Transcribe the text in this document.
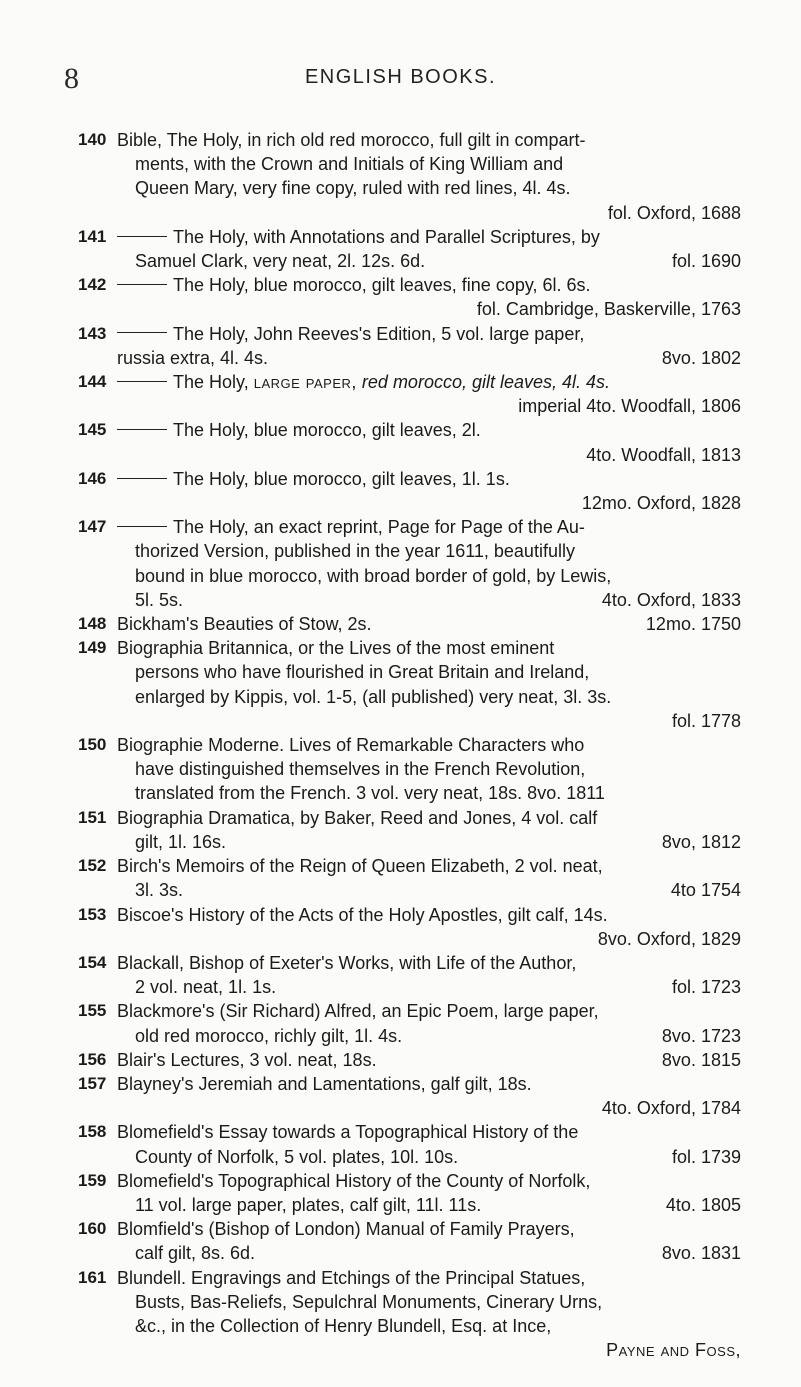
8	ENGLISH BOOKS.
140 Bible, The Holy, in rich old red morocco, full gilt in compart-
ments, with the Crown and Initials of King William and
Queen Mary, very fine copy, ruled with red lines, 4l. 4s.
fol. Oxford, 1688
141	The Holy, with Annotations and Parallel Scriptures, by
Samuel Clark, very neat, 2l. 12s. 6d.	fol. 1690
142	The Holy, blue morocco, gilt leaves, fine copy, 6l. 6s.
fol. Cambridge, Baskerville, 1763
143	The Holy, John Reeves's Edition, 5 vol. large paper,
russia extra, 4l. 4s.	8vo. 1802
144	The Holy, large paper, red morocco, gilt leaves, 4l. 4s.
imperial 4to. Woodfall, 1806
145	The Holy, blue morocco, gilt leaves, 2l.
4to. Woodfall, 1813
146	The Holy, blue morocco, gilt leaves, 1l. 1s.
12mo. Oxford, 1828
147	The Holy, an exact reprint, Page for Page of the Au-
thorized Version, published in the year 1611, beautifully
bound in blue morocco, with broad border of gold, by Lewis,
5l. 5s.	4to. Oxford, 1833
148 Bickham's Beauties of Stow, 2s.	12mo. 1750
149 Biographia Britannica, or the Lives of the most eminent
persons who have flourished in Great Britain and Ireland,
enlarged by Kippis, vol. 1-5, (all published) very neat, 3l. 3s.
fol. 1778
150 Biographie Moderne. Lives of Remarkable Characters who
have distinguished themselves in the French Revolution,
translated from the French. 3 vol. very neat, 18s. 8vo. 1811
151 Biographia Dramatica, by Baker, Reed and Jones, 4 vol. calf
gilt, 1l. 16s.	8vo, 1812
152 Birch's Memoirs of the Reign of Queen Elizabeth, 2 vol. neat,
3l. 3s.	4to 1754
153 Biscoe's History of the Acts of the Holy Apostles, gilt calf, 14s.
8vo. Oxford, 1829
154 Blackall, Bishop of Exeter's Works, with Life of the Author,
2 vol. neat, 1l. 1s.	fol. 1723
155 Blackmore's (Sir Richard) Alfred, an Epic Poem, large paper,
old red morocco, richly gilt, 1l. 4s.	8vo. 1723
156 Blair's Lectures, 3 vol. neat, 18s.	8vo. 1815
157 Blayney's Jeremiah and Lamentations, galf gilt, 18s.
4to. Oxford, 1784
158 Blomefield's Essay towards a Topographical History of the
County of Norfolk, 5 vol. plates, 10l. 10s.	fol. 1739
159 Blomefield's Topographical History of the County of Norfolk,
11 vol. large paper, plates, calf gilt, 11l. 11s.	4to. 1805
160 Blomfield's (Bishop of London) Manual of Family Prayers,
calf gilt, 8s. 6d.	8vo. 1831
161 Blundell. Engravings and Etchings of the Principal Statues,
Busts, Bas-Reliefs, Sepulchral Monuments, Cinerary Urns,
&c., in the Collection of Henry Blundell, Esq. at Ince,
Payne and Foss,
